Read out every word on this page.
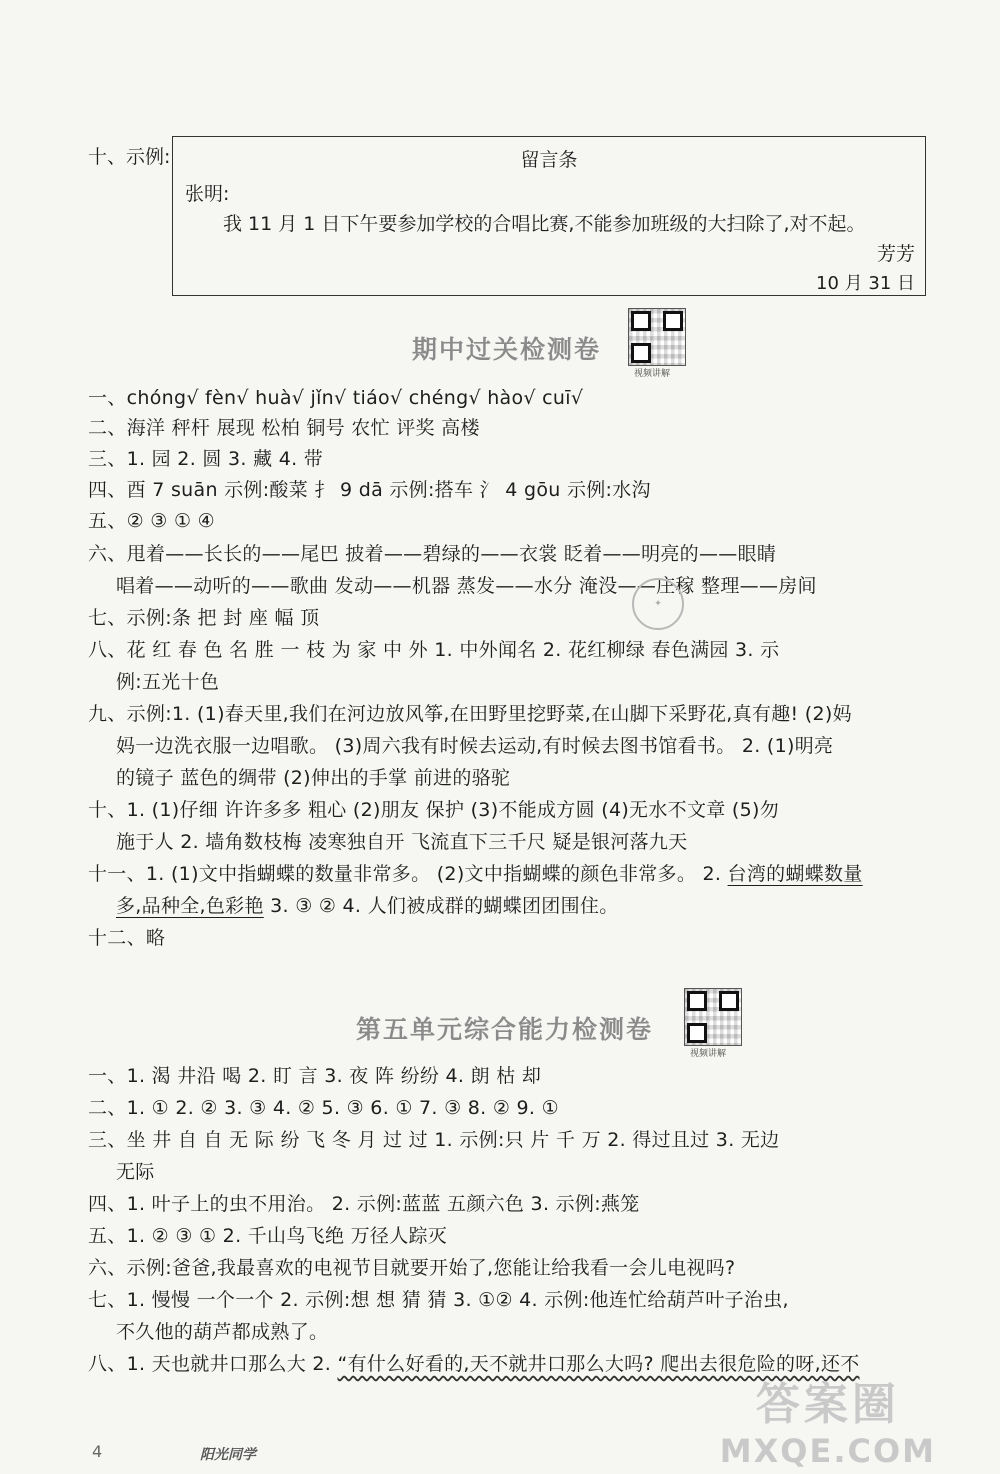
十、示例:	留言条
张明:
我 11 月 1 日下午要参加学校的合唱比赛,不能参加班级的大扫除了,对不起。
芳芳
10 月 31 日
期中过关检测卷
视频讲解
一、chóng√ fèn√ huà√ jǐn√ tiáo√ chéng√ hào√ cuī√
二、海洋 秤杆 展现 松柏 铜号 农忙 评奖 高楼
三、1. 园 2. 圆 3. 藏 4. 带
四、酉 7 suān 示例:酸菜 扌 9 dā 示例:搭车 氵 4 gōu 示例:水沟
五、② ③ ① ④
六、甩着——长长的——尾巴 披着——碧绿的——衣裳 眨着——明亮的——眼睛
唱着——动听的——歌曲 发动——机器 蒸发——水分 淹没——庄稼 整理——房间
✦
七、示例:条 把 封 座 幅 顶
八、花 红 春 色 名 胜 一 枝 为 家 中 外 1. 中外闻名 2. 花红柳绿 春色满园 3. 示
例:五光十色
九、示例:1. (1)春天里,我们在河边放风筝,在田野里挖野菜,在山脚下采野花,真有趣! (2)妈
妈一边洗衣服一边唱歌。 (3)周六我有时候去运动,有时候去图书馆看书。 2. (1)明亮
的镜子 蓝色的绸带 (2)伸出的手掌 前进的骆驼
十、1. (1)仔细 许许多多 粗心 (2)朋友 保护 (3)不能成方圆 (4)无水不文章 (5)勿
施于人 2. 墙角数枝梅 凌寒独自开 飞流直下三千尺 疑是银河落九天
十一、1. (1)文中指蝴蝶的数量非常多。 (2)文中指蝴蝶的颜色非常多。 2. 台湾的蝴蝶数量
多,品种全,色彩艳 3. ③ ② 4. 人们被成群的蝴蝶团团围住。
十二、略
第五单元综合能力检测卷
视频讲解
一、1. 渴 井沿 喝 2. 盯 言 3. 夜 阵 纷纷 4. 朗 枯 却
二、1. ① 2. ② 3. ③ 4. ② 5. ③ 6. ① 7. ③ 8. ② 9. ①
三、坐 井 自 自 无 际 纷 飞 冬 月 过 过 1. 示例:只 片 千 万 2. 得过且过 3. 无边
无际
四、1. 叶子上的虫不用治。 2. 示例:蓝蓝 五颜六色 3. 示例:燕笼
五、1. ② ③ ① 2. 千山鸟飞绝 万径人踪灭
六、示例:爸爸,我最喜欢的电视节目就要开始了,您能让给我看一会儿电视吗?
七、1. 慢慢 一个一个 2. 示例:想 想 猜 猜 3. ①② 4. 示例:他连忙给葫芦叶子治虫,
不久他的葫芦都成熟了。
八、1. 天也就井口那么大 2. “有什么好看的,天不就井口那么大吗? 爬出去很危险的呀,还不
4	阳光同学
答案圈
MXQE.COM
